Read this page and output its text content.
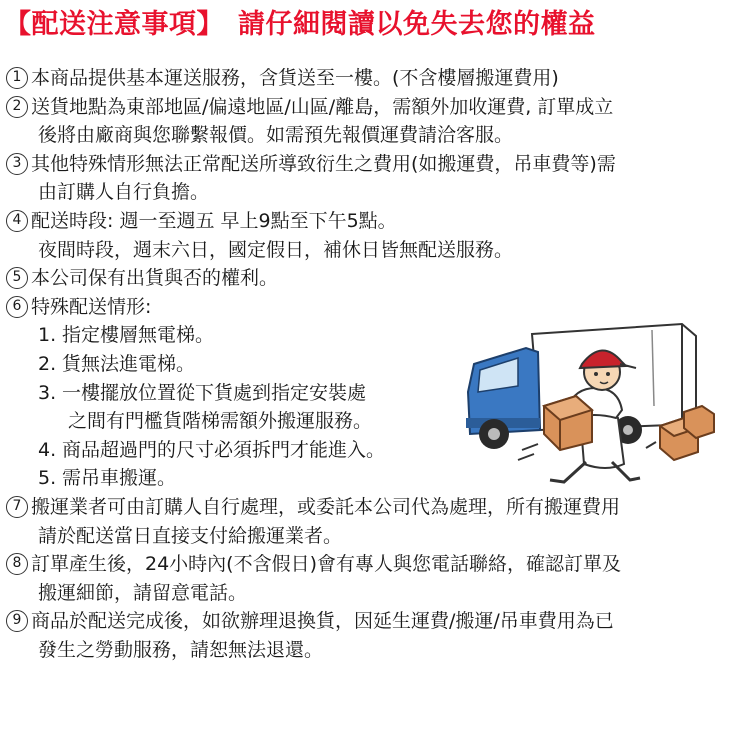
【配送注意事項】 請仔細閱讀以免失去您的權益
1 本商品提供基本運送服務，含貨送至一樓。(不含樓層搬運費用)
2 送貨地點為東部地區/偏遠地區/山區/離島，需額外加收運費, 訂單成立
後將由廠商與您聯繫報價。如需預先報價運費請洽客服。
3 其他特殊情形無法正常配送所導致衍生之費用(如搬運費，吊車費等)需
由訂購人自行負擔。
4 配送時段: 週一至週五 早上9點至下午5點。
夜間時段，週末六日，國定假日，補休日皆無配送服務。
5 本公司保有出貨與否的權利。
6 特殊配送情形:
1. 指定樓層無電梯。
2. 貨無法進電梯。
3. 一樓擺放位置從下貨處到指定安裝處
之間有門檻貨階梯需額外搬運服務。
4. 商品超過門的尺寸必須拆門才能進入。
5. 需吊車搬運。
7 搬運業者可由訂購人自行處理，或委託本公司代為處理，所有搬運費用
請於配送當日直接支付給搬運業者。
8 訂單產生後，24小時內(不含假日)會有專人與您電話聯絡，確認訂單及
搬運細節，請留意電話。
9 商品於配送完成後，如欲辦理退換貨，因延生運費/搬運/吊車費用為已
發生之勞動服務，請恕無法退還。
